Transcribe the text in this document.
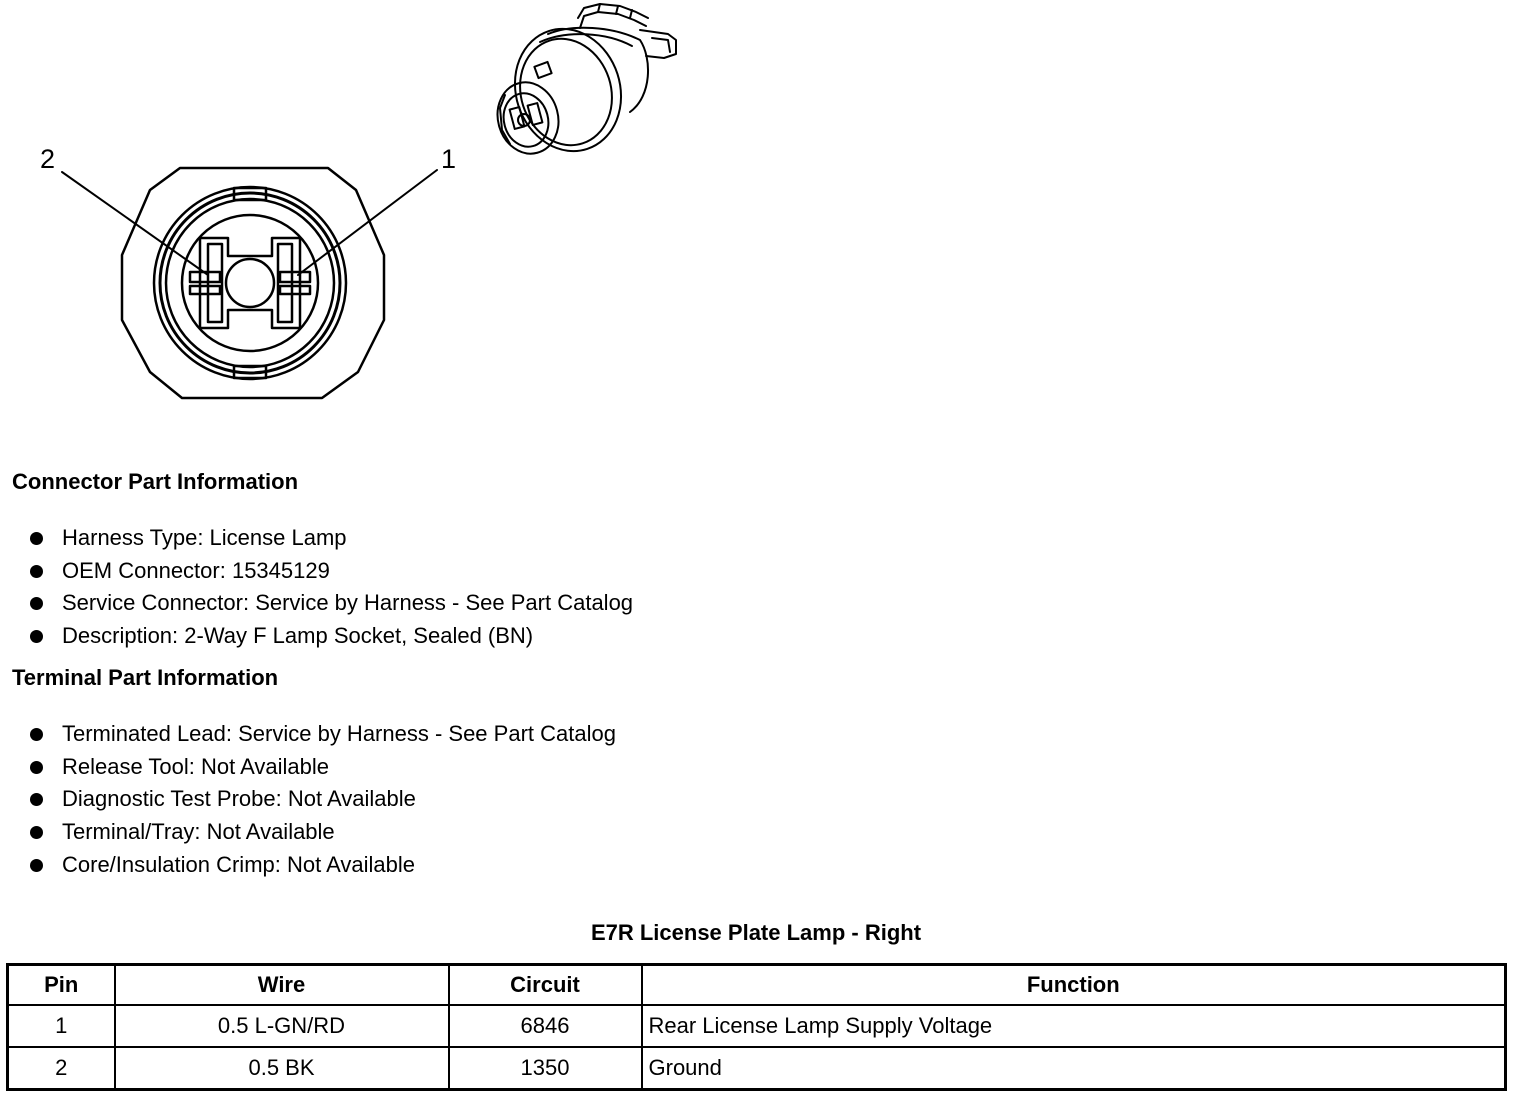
2	1
Connector Part Information
Harness Type: License Lamp
OEM Connector: 15345129
Service Connector: Service by Harness - See Part Catalog
Description: 2-Way F Lamp Socket, Sealed (BN)
Terminal Part Information
Terminated Lead: Service by Harness - See Part Catalog
Release Tool: Not Available
Diagnostic Test Probe: Not Available
Terminal/Tray: Not Available
Core/Insulation Crimp: Not Available
E7R License Plate Lamp - Right
Pin	Wire	Circuit	Function
1	0.5 L-GN/RD	6846	Rear License Lamp Supply Voltage
2	0.5 BK	1350	Ground
